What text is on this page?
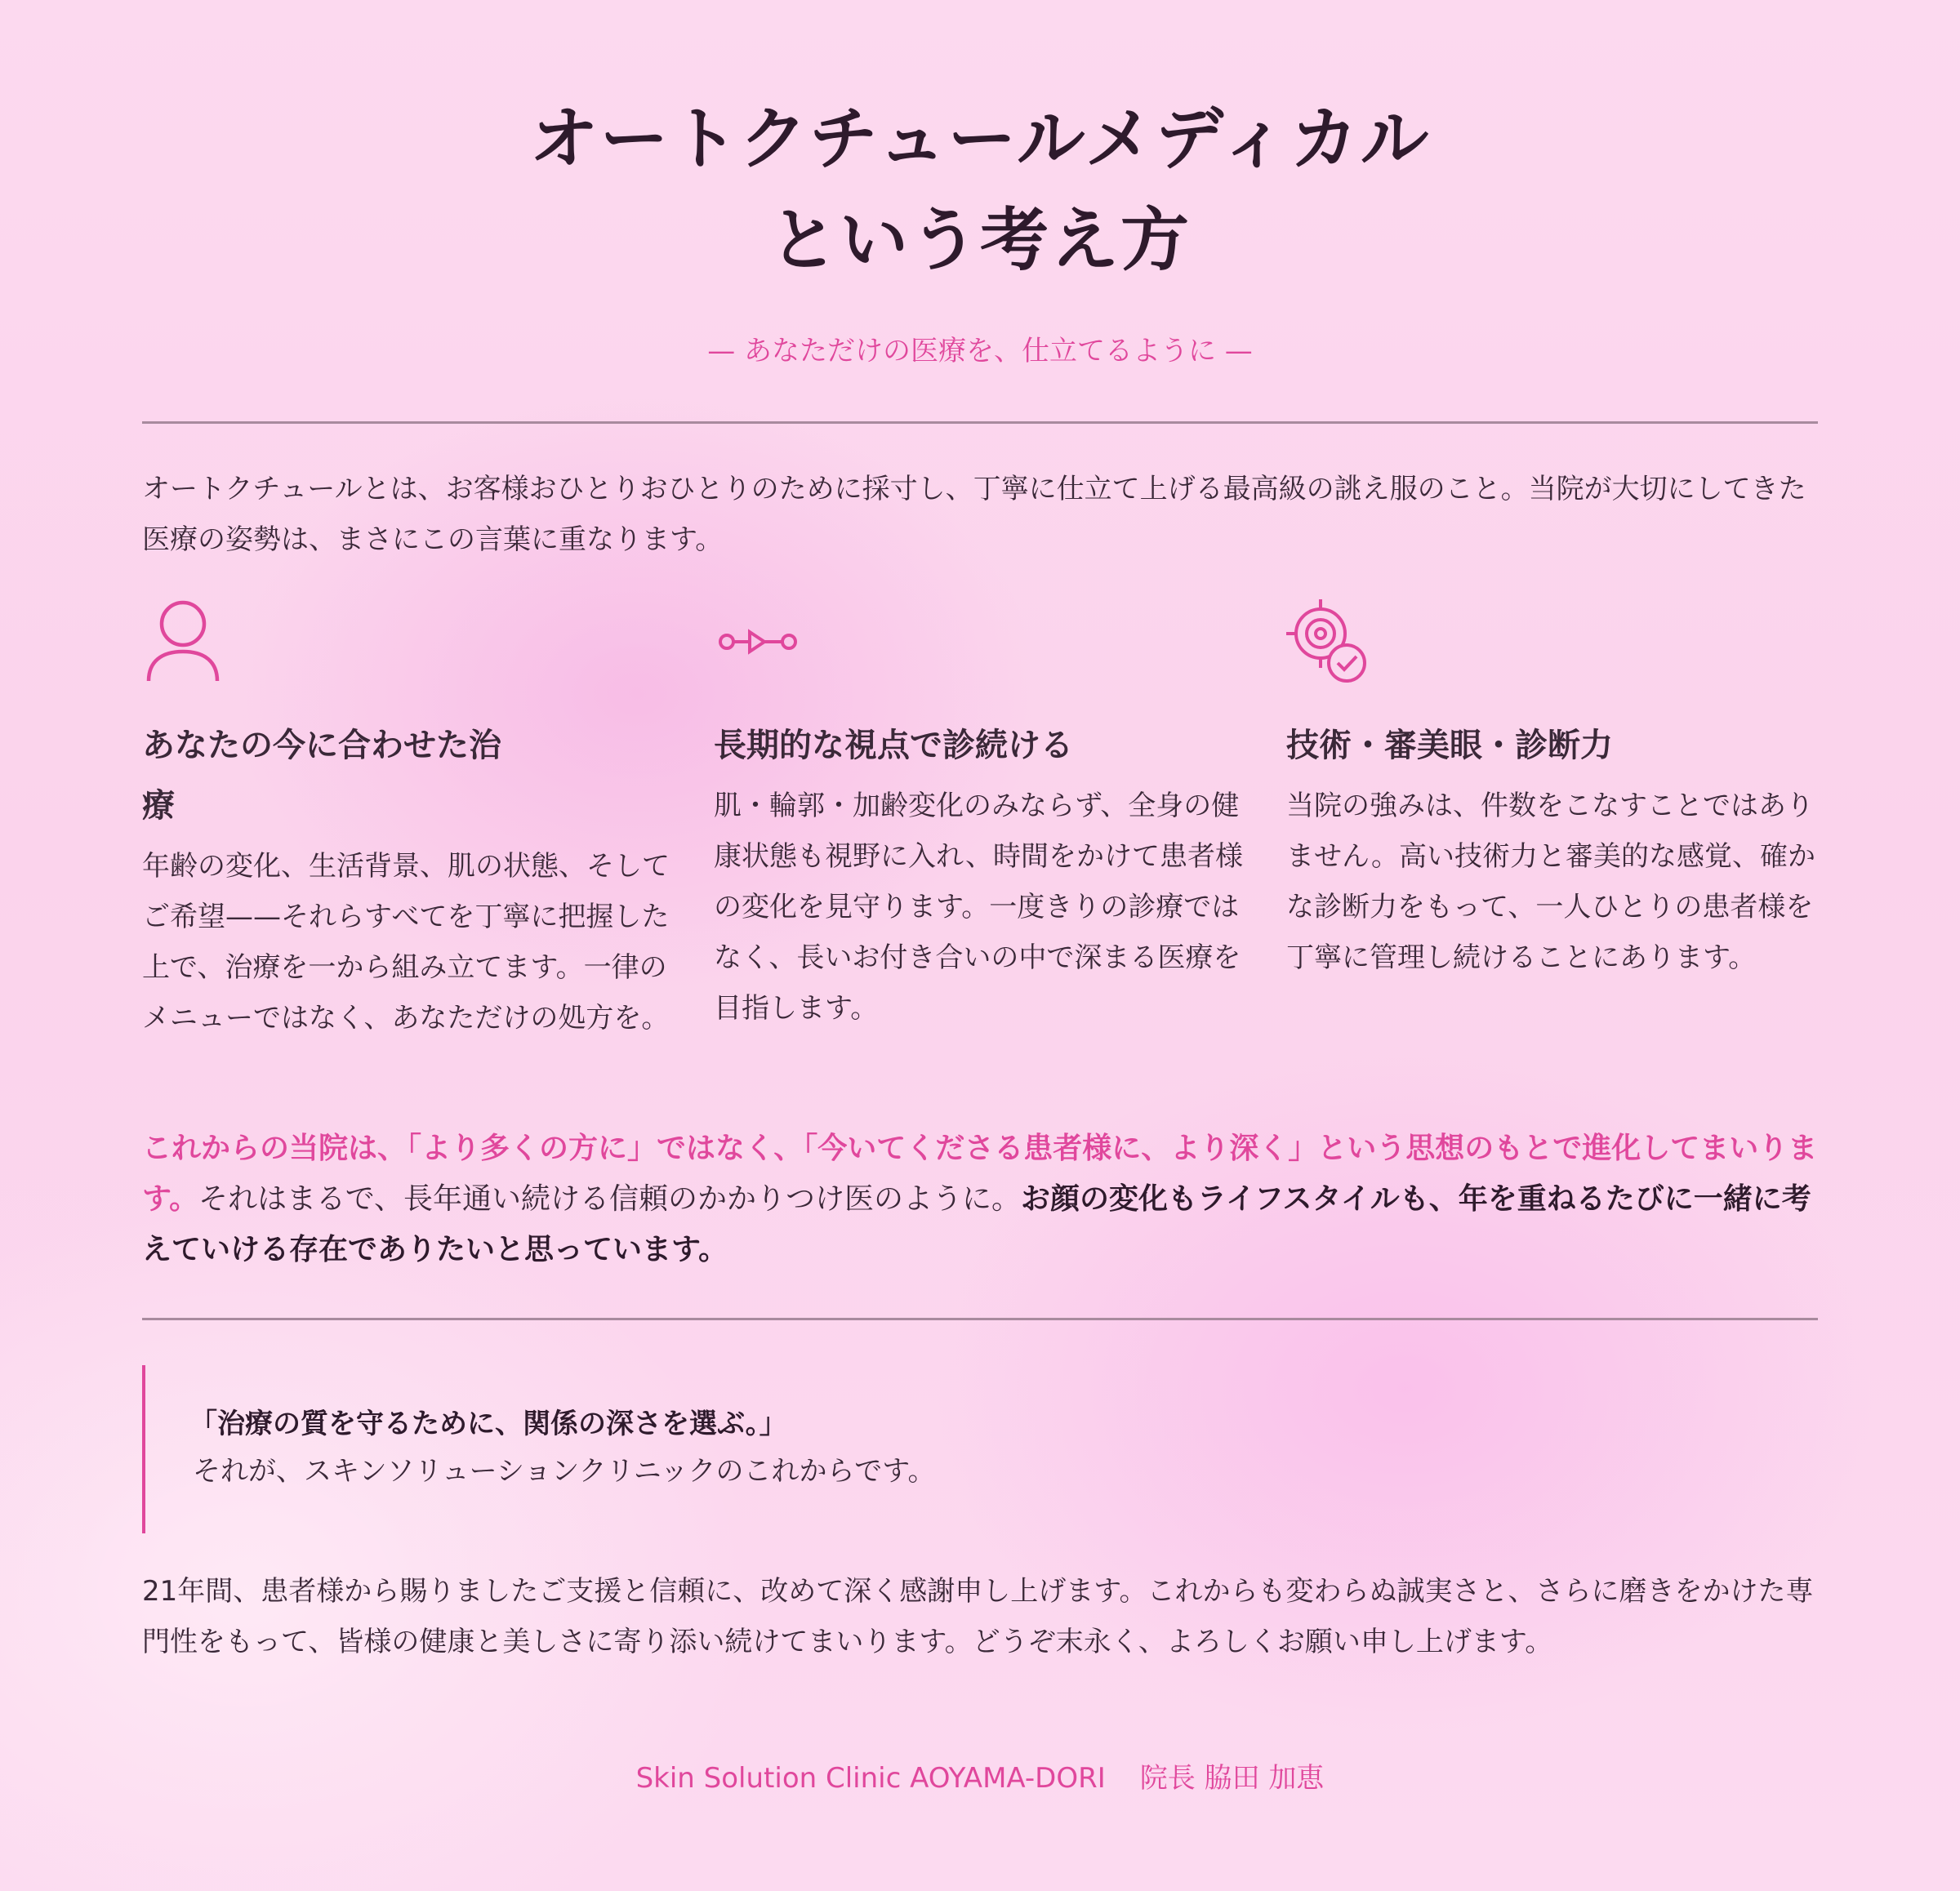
オートクチュールメディカル
という考え方
— あなただけの医療を、仕立てるように —

オートクチュールとは、お客様おひとりおひとりのために採寸し、丁寧に仕立て上げる最高級の誂え服のこと。当院が大切にしてきた医療の姿勢は、まさにこの言葉に重なります。

あなたの今に合わせた治療

年齢の変化、生活背景、肌の状態、そしてご希望——それらすべてを丁寧に把握した上で、治療を一から組み立てます。一律のメニューではなく、あなただけの処方を。

長期的な視点で診続ける

肌・輪郭・加齢変化のみならず、全身の健康状態も視野に入れ、時間をかけて患者様の変化を見守ります。一度きりの診療ではなく、長いお付き合いの中で深まる医療を目指します。

技術・審美眼・診断力

当院の強みは、件数をこなすことではありません。高い技術力と審美的な感覚、確かな診断力をもって、一人ひとりの患者様を丁寧に管理し続けることにあります。

これからの当院は、「より多くの方に」ではなく、「今いてくださる患者様に、より深く」という思想のもとで進化してまいります。それはまるで、長年通い続ける信頼のかかりつけ医のように。お顔の変化もライフスタイルも、年を重ねるたびに一緒に考えていける存在でありたいと思っています。

「治療の質を守るために、関係の深さを選ぶ。」

それが、スキンソリューションクリニックのこれからです。

21年間、患者様から賜りましたご支援と信頼に、改めて深く感謝申し上げます。これからも変わらぬ誠実さと、さらに磨きをかけた専門性をもって、皆様の健康と美しさに寄り添い続けてまいります。どうぞ末永く、よろしくお願い申し上げます。

Skin Solution Clinic AOYAMA-DORI 院長 脇田 加恵
